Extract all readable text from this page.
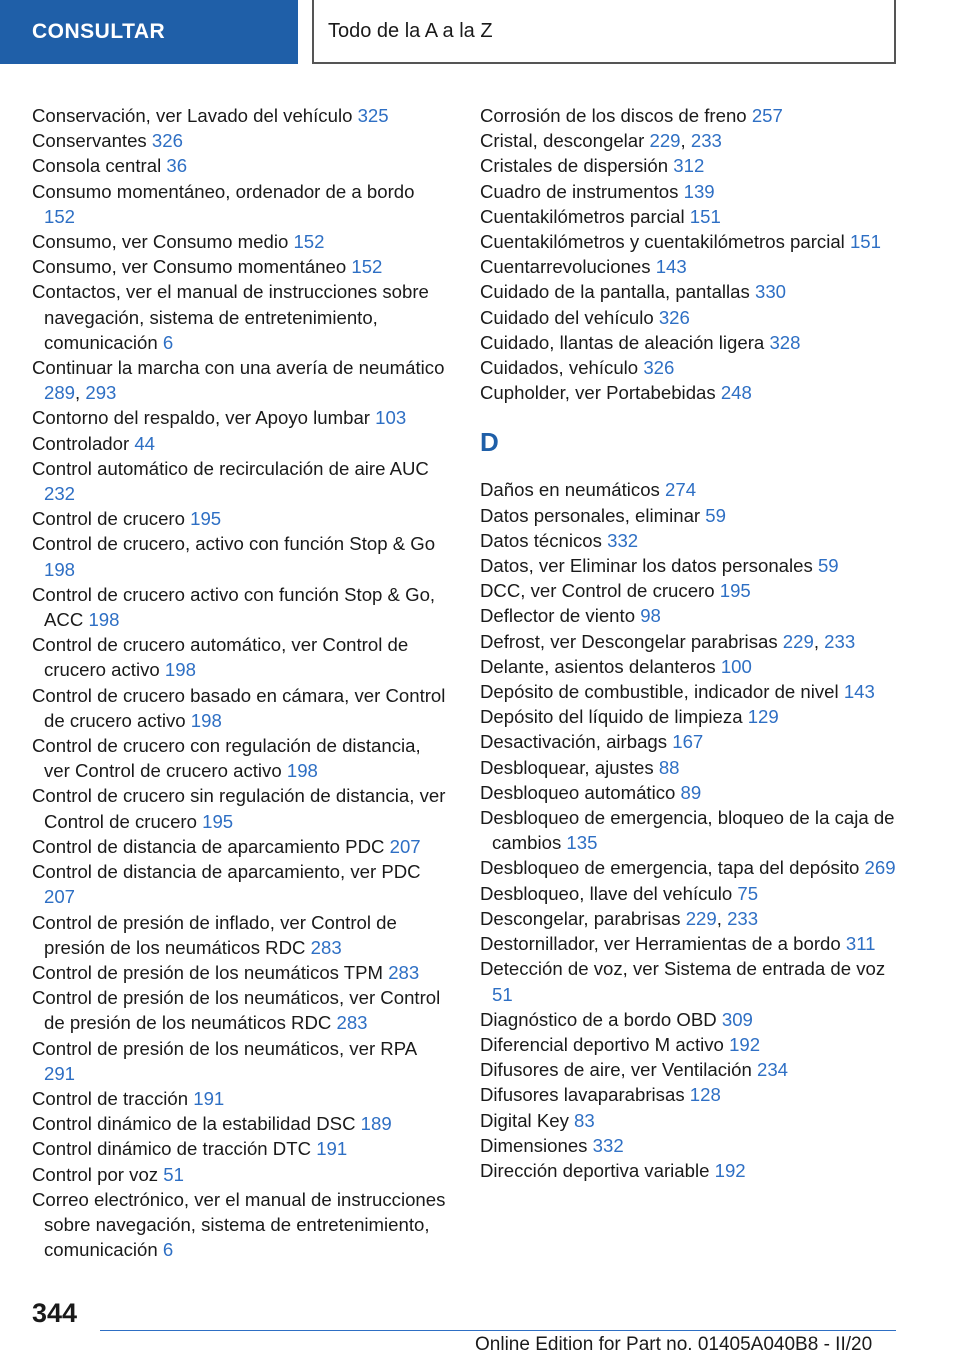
CONSULTAR	Todo de la A a la Z
Conservación, ver Lavado del vehículo 325
Conservantes 326
Consola central 36
Consumo momentáneo, ordenador de a bordo 152
Consumo, ver Consumo medio 152
Consumo, ver Consumo momentáneo 152
Contactos, ver el manual de instrucciones sobre navegación, sistema de entretenimiento, comunicación 6
Continuar la marcha con una avería de neumático 289, 293
Contorno del respaldo, ver Apoyo lumbar 103
Controlador 44
Control automático de recirculación de aire AUC 232
Control de crucero 195
Control de crucero, activo con función Stop & Go 198
Control de crucero activo con función Stop & Go, ACC 198
Control de crucero automático, ver Control de crucero activo 198
Control de crucero basado en cámara, ver Control de crucero activo 198
Control de crucero con regulación de distancia, ver Control de crucero activo 198
Control de crucero sin regulación de distancia, ver Control de crucero 195
Control de distancia de aparcamiento PDC 207
Control de distancia de aparcamiento, ver PDC 207
Control de presión de inflado, ver Control de presión de los neumáticos RDC 283
Control de presión de los neumáticos TPM 283
Control de presión de los neumáticos, ver Control de presión de los neumáticos RDC 283
Control de presión de los neumáticos, ver RPA 291
Control de tracción 191
Control dinámico de la estabilidad DSC 189
Control dinámico de tracción DTC 191
Control por voz 51
Correo electrónico, ver el manual de instrucciones sobre navegación, sistema de entretenimiento, comunicación 6
Corrosión de los discos de freno 257
Cristal, descongelar 229, 233
Cristales de dispersión 312
Cuadro de instrumentos 139
Cuentakilómetros parcial 151
Cuentakilómetros y cuentakilómetros parcial 151
Cuentarrevoluciones 143
Cuidado de la pantalla, pantallas 330
Cuidado del vehículo 326
Cuidado, llantas de aleación ligera 328
Cuidados, vehículo 326
Cupholder, ver Portabebidas 248
D
Daños en neumáticos 274
Datos personales, eliminar 59
Datos técnicos 332
Datos, ver Eliminar los datos personales 59
DCC, ver Control de crucero 195
Deflector de viento 98
Defrost, ver Descongelar parabrisas 229, 233
Delante, asientos delanteros 100
Depósito de combustible, indicador de nivel 143
Depósito del líquido de limpieza 129
Desactivación, airbags 167
Desbloquear, ajustes 88
Desbloqueo automático 89
Desbloqueo de emergencia, bloqueo de la caja de cambios 135
Desbloqueo de emergencia, tapa del depósito 269
Desbloqueo, llave del vehículo 75
Descongelar, parabrisas 229, 233
Destornillador, ver Herramientas de a bordo 311
Detección de voz, ver Sistema de entrada de voz 51
Diagnóstico de a bordo OBD 309
Diferencial deportivo M activo 192
Difusores de aire, ver Ventilación 234
Difusores lavaparabrisas 128
Digital Key 83
Dimensiones 332
Dirección deportiva variable 192
344
Online Edition for Part no. 01405A040B8 - II/20
